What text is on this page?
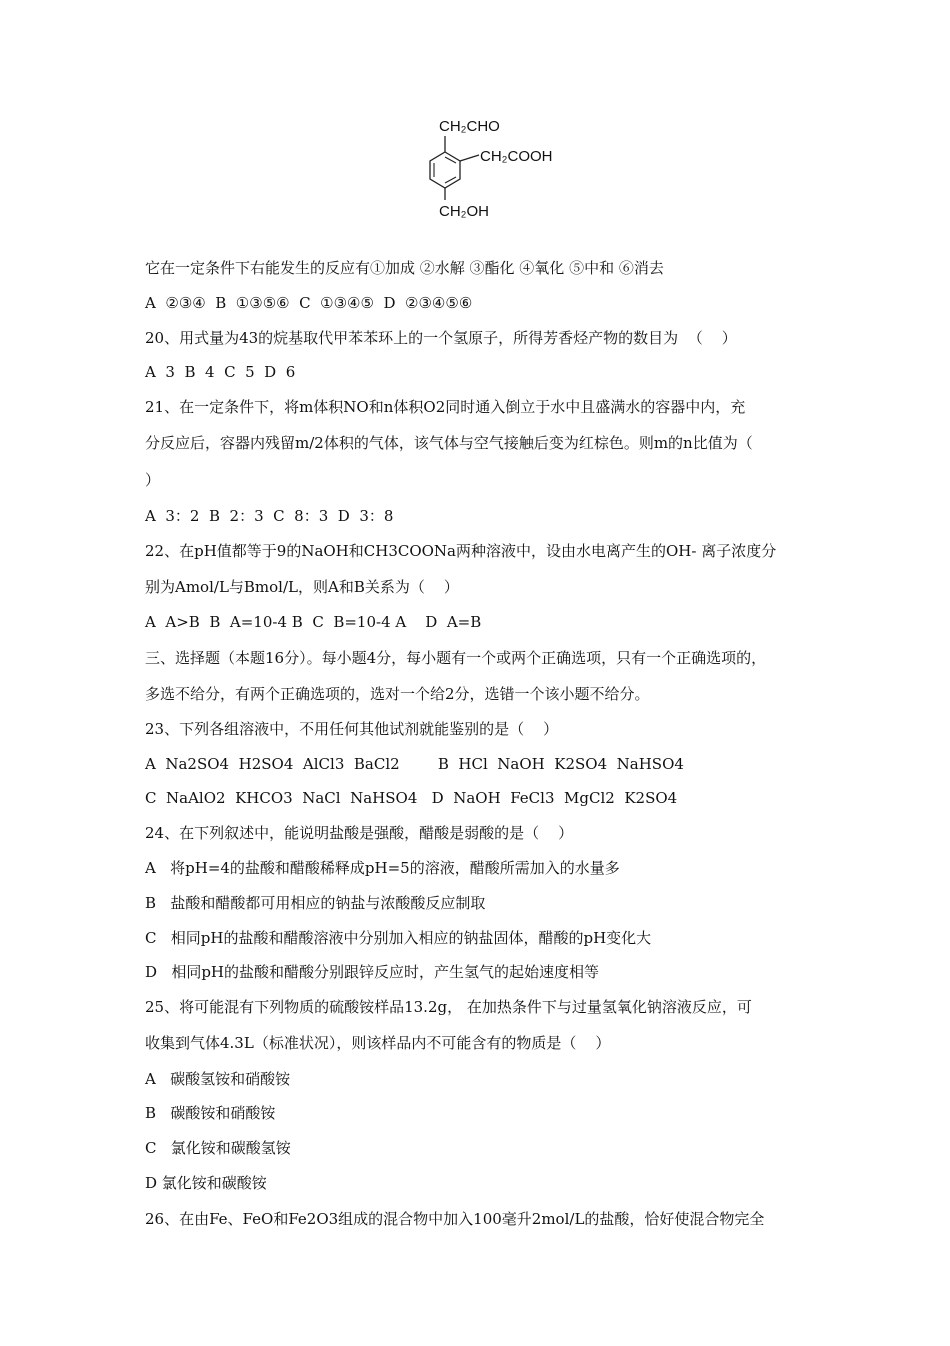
CH₂CHO
CH₂COOH
CH₂OH
它在一定条件下右能发生的反应有①加成 ②水解 ③酯化 ④氧化 ⑤中和 ⑥消去
A  ②③④  B  ①③⑤⑥  C  ①③④⑤  D  ②③④⑤⑥
20、用式量为43的烷基取代甲苯苯环上的一个氢原子，所得芳香烃产物的数目为  （    ）
A  3  B  4  C  5  D  6
21、在一定条件下，将m体积NO和n体积O2同时通入倒立于水中且盛满水的容器中内，充
分反应后，容器内残留m/2体积的气体，该气体与空气接触后变为红棕色。则m的n比值为（
）
A  3：2  B  2：3  C  8：3  D  3：8
22、在pH值都等于9的NaOH和CH3COONa两种溶液中，设由水电离产生的OH- 离子浓度分
别为Amol/L与Bmol/L，则A和B关系为（    ）
A  A>B  B  A=10-4 B  C  B=10-4 A    D  A=B
三、选择题（本题16分）。每小题4分，每小题有一个或两个正确选项，只有一个正确选项的，
多选不给分，有两个正确选项的，选对一个给2分，选错一个该小题不给分。
23、下列各组溶液中，不用任何其他试剂就能鉴别的是（    ）
A  Na2SO4  H2SO4  AlCl3  BaCl2        B  HCl  NaOH  K2SO4  NaHSO4
C  NaAlO2  KHCO3  NaCl  NaHSO4   D  NaOH  FeCl3  MgCl2  K2SO4
24、在下列叙述中，能说明盐酸是强酸，醋酸是弱酸的是（    ）
A   将pH=4的盐酸和醋酸稀释成pH=5的溶液，醋酸所需加入的水量多
B   盐酸和醋酸都可用相应的钠盐与浓酸酸反应制取
C   相同pH的盐酸和醋酸溶液中分别加入相应的钠盐固体，醋酸的pH变化大
D   相同pH的盐酸和醋酸分别跟锌反应时，产生氢气的起始速度相等
25、将可能混有下列物质的硫酸铵样品13.2g， 在加热条件下与过量氢氧化钠溶液反应，可
收集到气体4.3L（标准状况），则该样品内不可能含有的物质是（    ）
A   碳酸氢铵和硝酸铵
B   碳酸铵和硝酸铵
C   氯化铵和碳酸氢铵
D 氯化铵和碳酸铵
26、在由Fe、FeO和Fe2O3组成的混合物中加入100毫升2mol/L的盐酸，恰好使混合物完全
